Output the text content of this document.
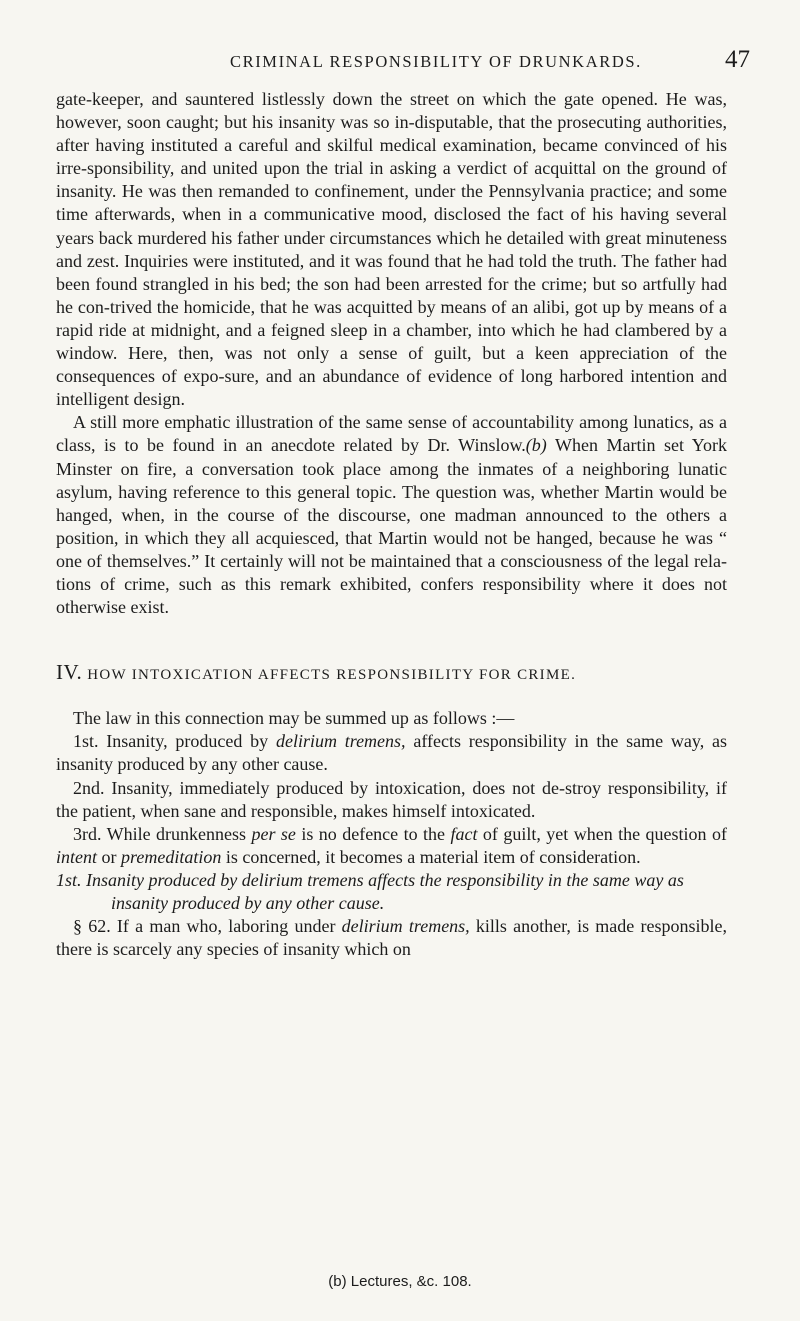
CRIMINAL RESPONSIBILITY OF DRUNKARDS.	47

gate-keeper, and sauntered listlessly down the street on which the gate opened. He was, however, soon caught; but his insanity was so in-disputable, that the prosecuting authorities, after having instituted a careful and skilful medical examination, became convinced of his irre-sponsibility, and united upon the trial in asking a verdict of acquittal on the ground of insanity. He was then remanded to confinement, under the Pennsylvania practice; and some time afterwards, when in a communicative mood, disclosed the fact of his having several years back murdered his father under circumstances which he detailed with great minuteness and zest. Inquiries were instituted, and it was found that he had told the truth. The father had been found strangled in his bed; the son had been arrested for the crime; but so artfully had he con-trived the homicide, that he was acquitted by means of an alibi, got up by means of a rapid ride at midnight, and a feigned sleep in a chamber, into which he had clambered by a window. Here, then, was not only a sense of guilt, but a keen appreciation of the consequences of expo-sure, and an abundance of evidence of long harbored intention and intelligent design.

A still more emphatic illustration of the same sense of accountability among lunatics, as a class, is to be found in an anecdote related by Dr. Winslow.(b) When Martin set York Minster on fire, a conversation took place among the inmates of a neighboring lunatic asylum, having reference to this general topic. The question was, whether Martin would be hanged, when, in the course of the discourse, one madman announced to the others a position, in which they all acquiesced, that Martin would not be hanged, because he was “ one of themselves.” It certainly will not be maintained that a consciousness of the legal rela-tions of crime, such as this remark exhibited, confers responsibility where it does not otherwise exist.

IV. HOW INTOXICATION AFFECTS RESPONSIBILITY FOR CRIME.

The law in this connection may be summed up as follows :—

1st. Insanity, produced by delirium tremens, affects responsibility in the same way, as insanity produced by any other cause.

2nd. Insanity, immediately produced by intoxication, does not de-stroy responsibility, if the patient, when sane and responsible, makes himself intoxicated.

3rd. While drunkenness per se is no defence to the fact of guilt, yet when the question of intent or premeditation is concerned, it becomes a material item of consideration.

1st. Insanity produced by delirium tremens affects the responsibility in the same way as insanity produced by any other cause.

§ 62. If a man who, laboring under delirium tremens, kills another, is made responsible, there is scarcely any species of insanity which on

(b) Lectures, &c. 108.
